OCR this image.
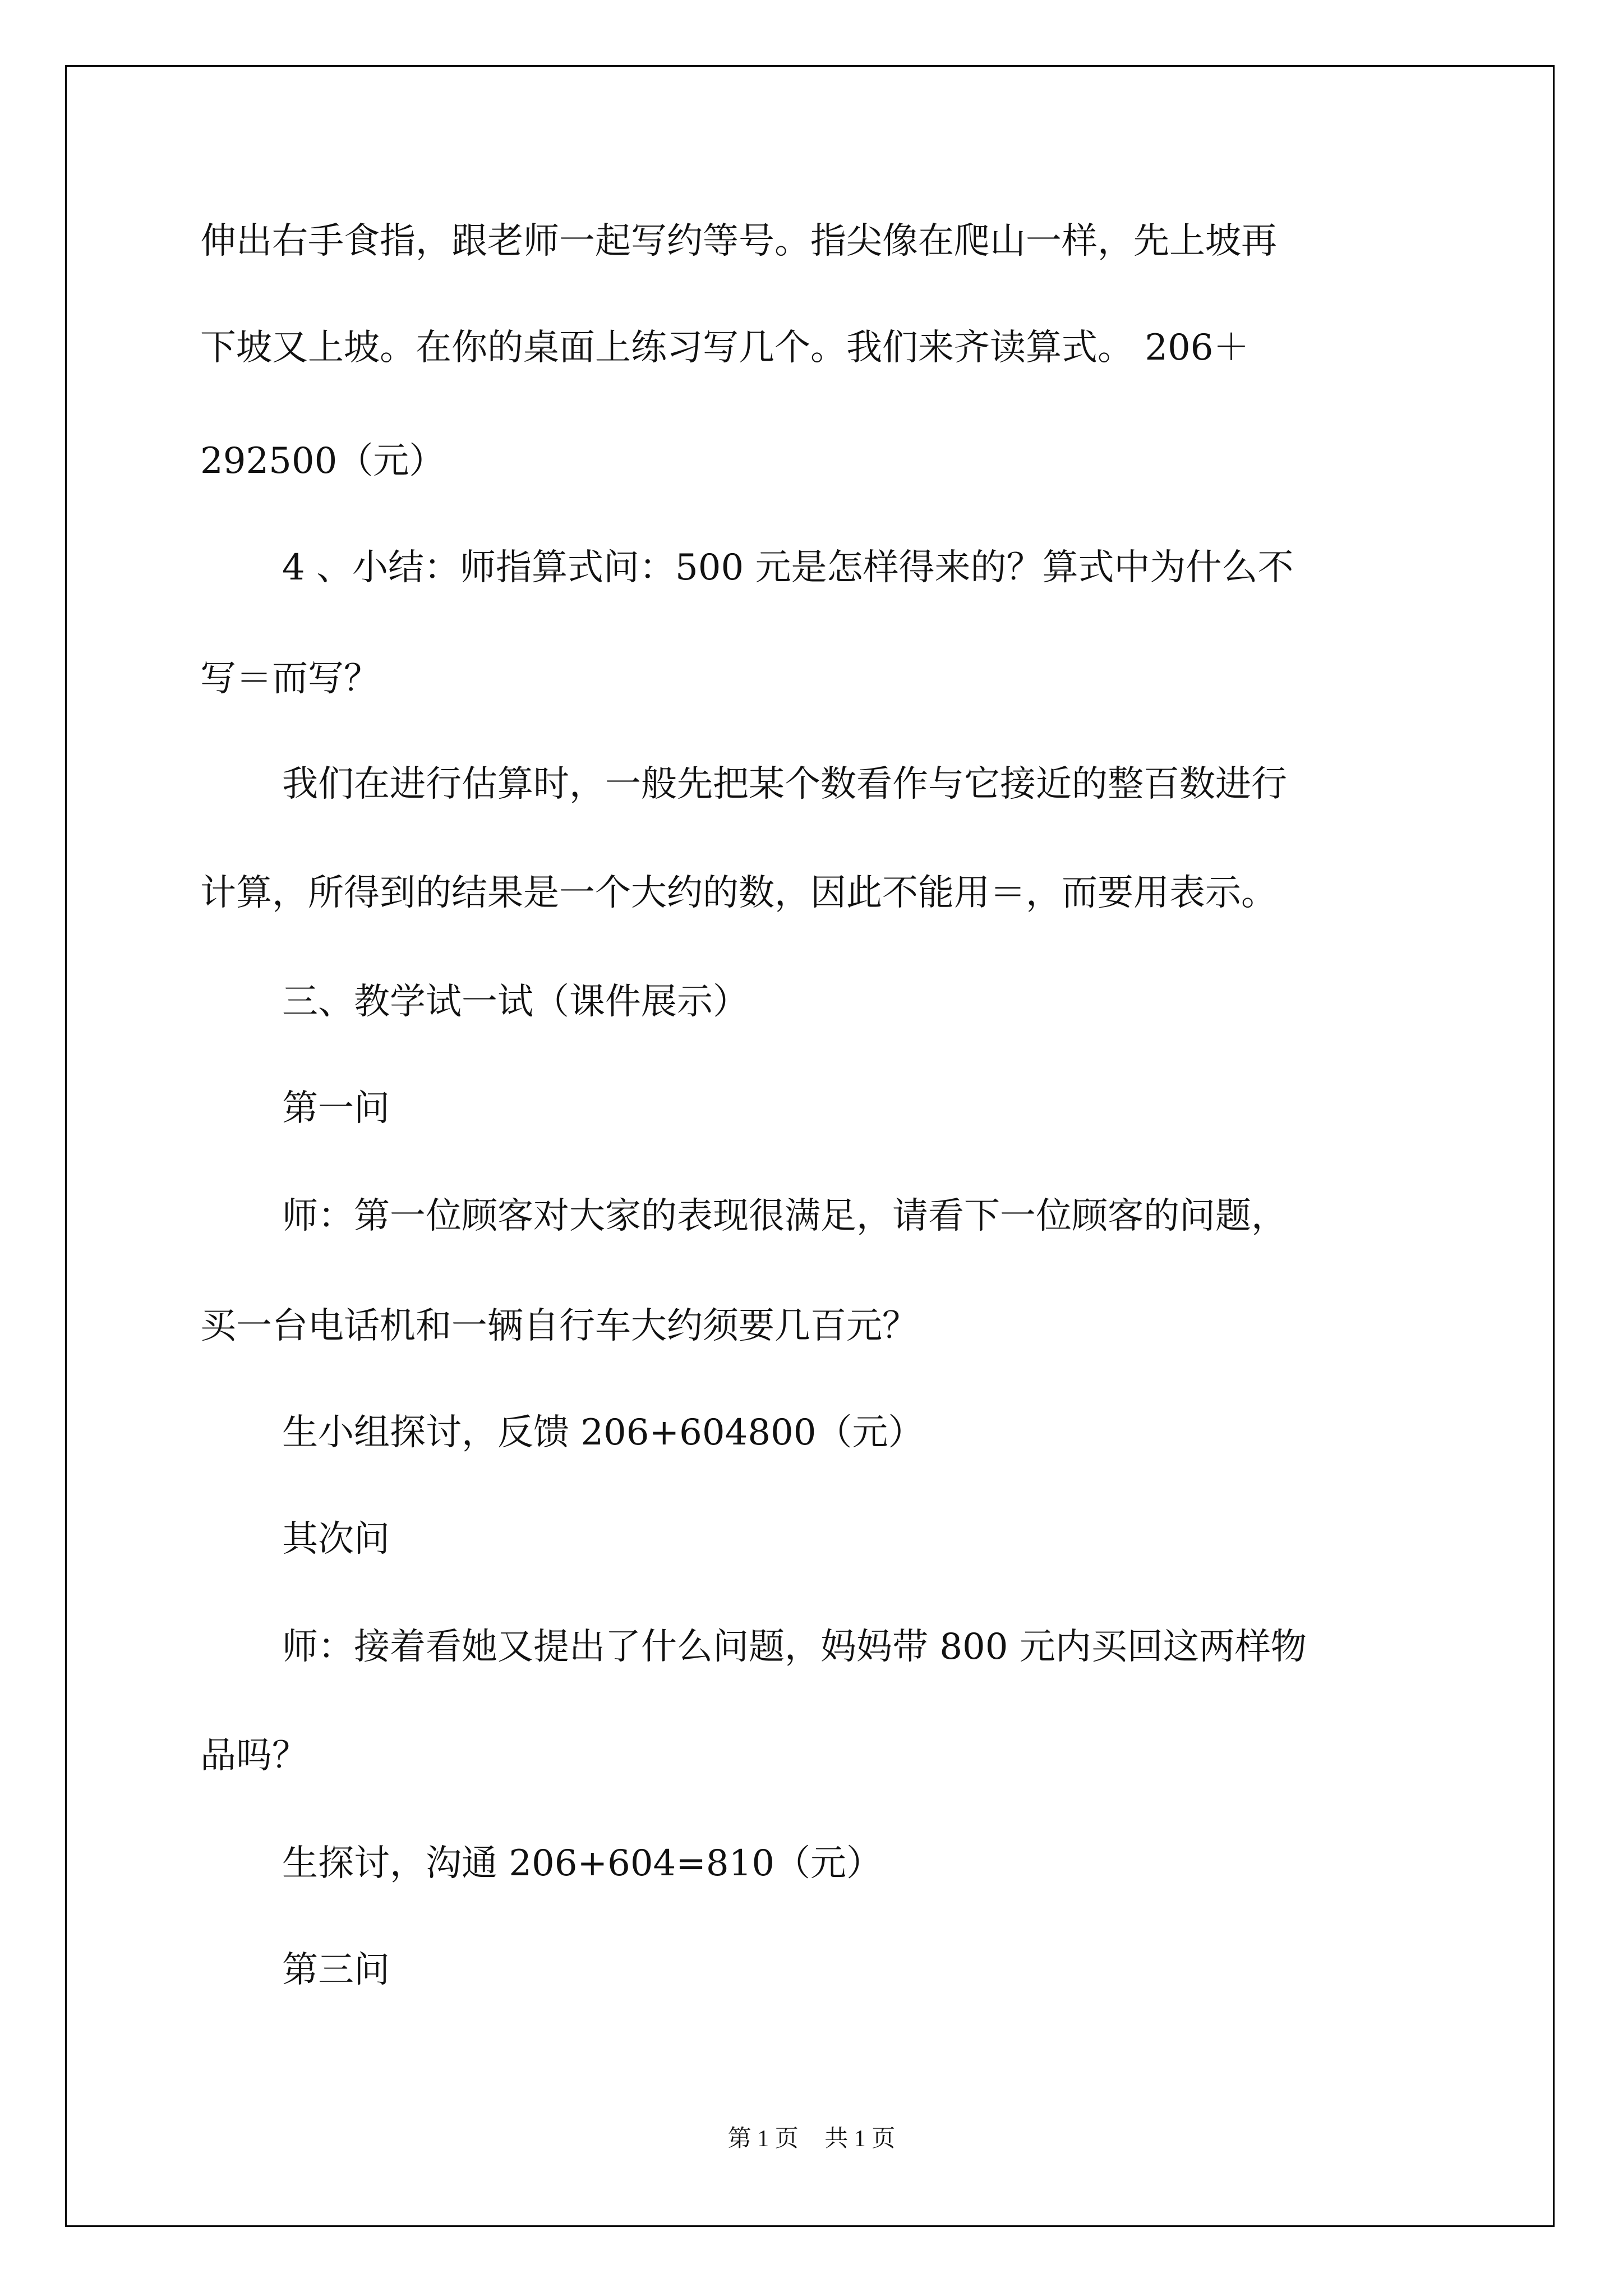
伸出右手食指，跟老师一起写约等号。指尖像在爬山一样，先上坡再

下坡又上坡。在你的桌面上练习写几个。我们来齐读算式。 206＋

292500（元）

4 、小结：师指算式问：500 元是怎样得来的？算式中为什么不

写＝而写？

我们在进行估算时，一般先把某个数看作与它接近的整百数进行

计算，所得到的结果是一个大约的数，因此不能用＝，而要用表示。

三、教学试一试（课件展示）

第一问

师：第一位顾客对大家的表现很满足，请看下一位顾客的问题，

买一台电话机和一辆自行车大约须要几百元？

生小组探讨，反馈 206+604800（元）

其次问

师：接着看她又提出了什么问题，妈妈带 800 元内买回这两样物

品吗？

生探讨，沟通 206+604=810（元）

第三问

第 1 页 共 1 页
